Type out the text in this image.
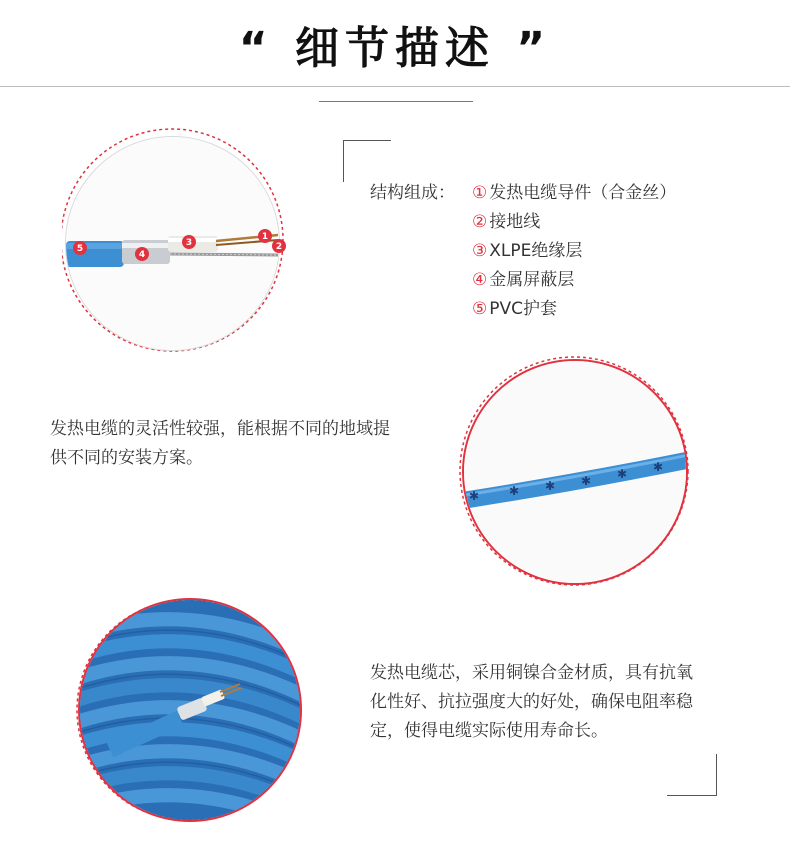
“ 细节描述 ”
1
2
3
4
5
结构组成： ① 发热电缆导件（合金丝）
② 接地线
③ XLPE绝缘层
④ 金属屏蔽层
⑤ PVC护套
发热电缆的灵活性较强，能根据不同的地域提供不同的安装方案。
✱ ✱ ✱ ✱ ✱ ✱
发热电缆芯，采用铜镍合金材质，具有抗氧化性好、抗拉强度大的好处，确保电阻率稳定，使得电缆实际使用寿命长。
